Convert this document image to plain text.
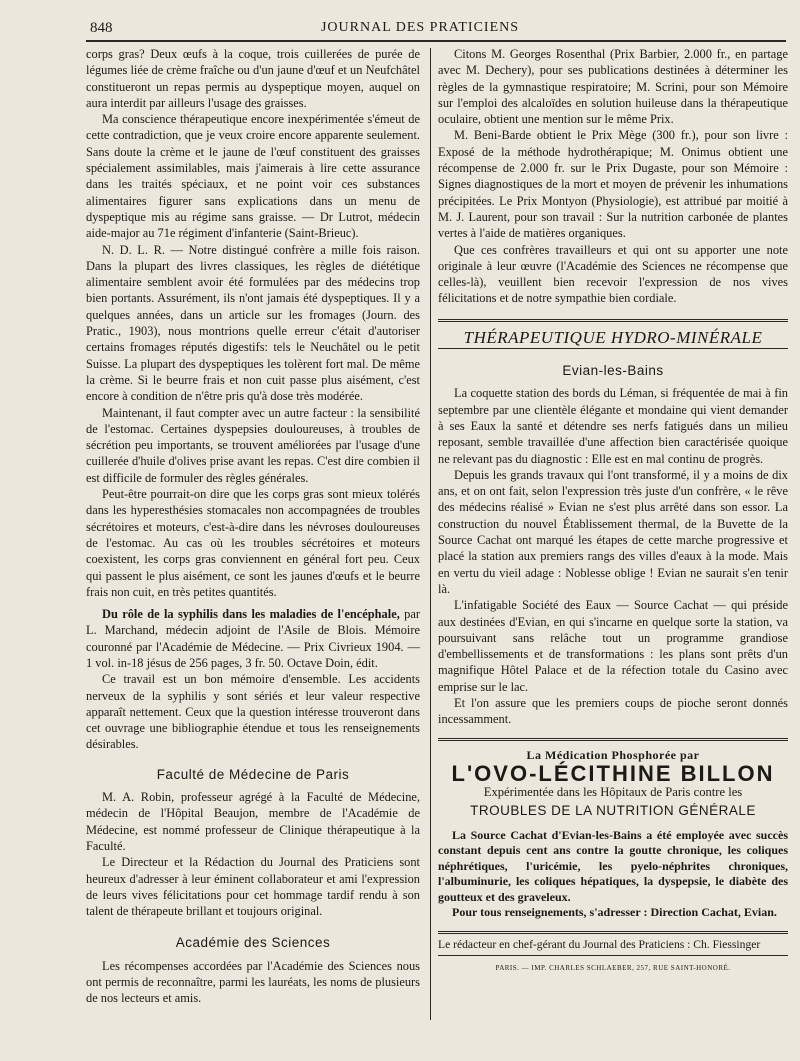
848	JOURNAL DES PRATICIENS

corps gras? Deux œufs à la coque, trois cuillerées de purée de légumes liée de crème fraîche ou d'un jaune d'œuf et un Neufchâtel constitueront un repas permis au dyspeptique moyen, auquel on aura interdit par ailleurs l'usage des graisses.

Ma conscience thérapeutique encore inexpérimentée s'émeut de cette contradiction, que je veux croire encore apparente seulement. Sans doute la crème et le jaune de l'œuf constituent des graisses spécialement assimilables, mais j'aimerais à lire cette assurance dans les traités spéciaux, et ne point voir ces substances alimentaires figurer sans explications dans un menu de dyspeptique mis au régime sans graisse. — Dr Lutrot, médecin aide-major au 71e régiment d'infanterie (Saint-Brieuc).

N. D. L. R. — Notre distingué confrère a mille fois raison. Dans la plupart des livres classiques, les règles de diététique alimentaire semblent avoir été formulées par des médecins trop bien portants. Assurément, ils n'ont jamais été dyspeptiques. Il y a quelques années, dans un article sur les fromages (Journ. des Pratic., 1903), nous montrions quelle erreur c'était d'autoriser certains fromages réputés digestifs: tels le Neuchâtel ou le petit Suisse. La plupart des dyspeptiques les tolèrent fort mal. De même la crème. Si le beurre frais et non cuit passe plus aisément, c'est encore à condition de n'être pris qu'à dose très modérée.

Maintenant, il faut compter avec un autre facteur : la sensibilité de l'estomac. Certaines dyspepsies douloureuses, à troubles de sécrétion peu importants, se trouvent améliorées par l'usage d'une cuillerée d'huile d'olives prise avant les repas. C'est dire combien il est difficile de formuler des règles générales.

Peut-être pourrait-on dire que les corps gras sont mieux tolérés dans les hyperesthésies stomacales non accompagnées de troubles sécrétoires et moteurs, c'est-à-dire dans les névroses douloureuses de l'estomac. Au cas où les troubles sécrétoires et moteurs coexistent, les corps gras conviennent en général fort peu. Ceux qui passent le plus aisément, ce sont les jaunes d'œufs et le beurre frais non cuit, en très petites quantités.

Du rôle de la syphilis dans les maladies de l'encéphale, par L. Marchand, médecin adjoint de l'Asile de Blois. Mémoire couronné par l'Académie de Médecine. — Prix Civrieux 1904. — 1 vol. in-18 jésus de 256 pages, 3 fr. 50. Octave Doin, édit.

Ce travail est un bon mémoire d'ensemble. Les accidents nerveux de la syphilis y sont sériés et leur valeur respective apparaît nettement. Ceux que la question intéresse trouveront dans cet ouvrage une bibliographie étendue et tous les renseignements désirables.

Faculté de Médecine de Paris

M. A. Robin, professeur agrégé à la Faculté de Médecine, médecin de l'Hôpital Beaujon, membre de l'Académie de Médecine, est nommé professeur de Clinique thérapeutique à la Faculté.

Le Directeur et la Rédaction du Journal des Praticiens sont heureux d'adresser à leur éminent collaborateur et ami l'expression de leurs vives félicitations pour cet hommage tardif rendu à son talent de thérapeute brillant et toujours original.

Académie des Sciences

Les récompenses accordées par l'Académie des Sciences nous ont permis de reconnaître, parmi les lauréats, les noms de plusieurs de nos lecteurs et amis.

Citons M. Georges Rosenthal (Prix Barbier, 2.000 fr., en partage avec M. Dechery), pour ses publications destinées à déterminer les règles de la gymnastique respiratoire; M. Scrini, pour son Mémoire sur l'emploi des alcaloïdes en solution huileuse dans la thérapeutique oculaire, obtient une mention sur le même Prix.

M. Beni-Barde obtient le Prix Mège (300 fr.), pour son livre : Exposé de la méthode hydrothérapique; M. Onimus obtient une récompense de 2.000 fr. sur le Prix Dugaste, pour son Mémoire : Signes diagnostiques de la mort et moyen de prévenir les inhumations précipitées. Le Prix Montyon (Physiologie), est attribué par moitié à M. J. Laurent, pour son travail : Sur la nutrition carbonée de plantes vertes à l'aide de matières organiques.

Que ces confrères travailleurs et qui ont su apporter une note originale à leur œuvre (l'Académie des Sciences ne récompense que celles-là), veuillent bien recevoir l'expression de nos vives félicitations et de notre sympathie bien cordiale.

THÉRAPEUTIQUE HYDRO-MINÉRALE
Evian-les-Bains

La coquette station des bords du Léman, si fréquentée de mai à fin septembre par une clientèle élégante et mondaine qui vient demander à ses Eaux la santé et détendre ses nerfs fatigués dans un milieu reposant, semble travaillée d'une affection bien caractérisée quoique ne relevant pas du diagnostic : Elle est en mal continu de progrès.

Depuis les grands travaux qui l'ont transformé, il y a moins de dix ans, et on ont fait, selon l'expression très juste d'un confrère, « le rêve des médecins réalisé » Evian ne s'est plus arrêté dans son essor. La construction du nouvel Établissement thermal, de la Buvette de la Source Cachat ont marqué les étapes de cette marche progressive et placé la station aux premiers rangs des villes d'eaux à la mode. Mais en vertu du vieil adage : Noblesse oblige ! Evian ne saurait s'en tenir là.

L'infatigable Société des Eaux — Source Cachat — qui préside aux destinées d'Evian, en qui s'incarne en quelque sorte la station, va poursuivant sans relâche tout un programme grandiose d'embellissements et de transformations : les plans sont prêts d'un magnifique Hôtel Palace et de la réfection totale du Casino avec emprise sur le lac.

Et l'on assure que les premiers coups de pioche seront donnés incessamment.

La Médication Phosphorée par
L'OVO-LÉCITHINE BILLON
Expérimentée dans les Hôpitaux de Paris contre les
TROUBLES DE LA NUTRITION GÉNÉRALE

La Source Cachat d'Evian-les-Bains a été employée avec succès constant depuis cent ans contre la goutte chronique, les coliques néphrétiques, l'uricémie, les pyelo-néphrites chroniques, l'albuminurie, les coliques hépatiques, la dyspepsie, le diabète des goutteux et des graveleux.

Pour tous renseignements, s'adresser : Direction Cachat, Evian.

Le rédacteur en chef-gérant du Journal des Praticiens : Ch. Fiessinger
PARIS. — IMP. CHARLES SCHLAEBER, 257, RUE SAINT-HONORÉ.
